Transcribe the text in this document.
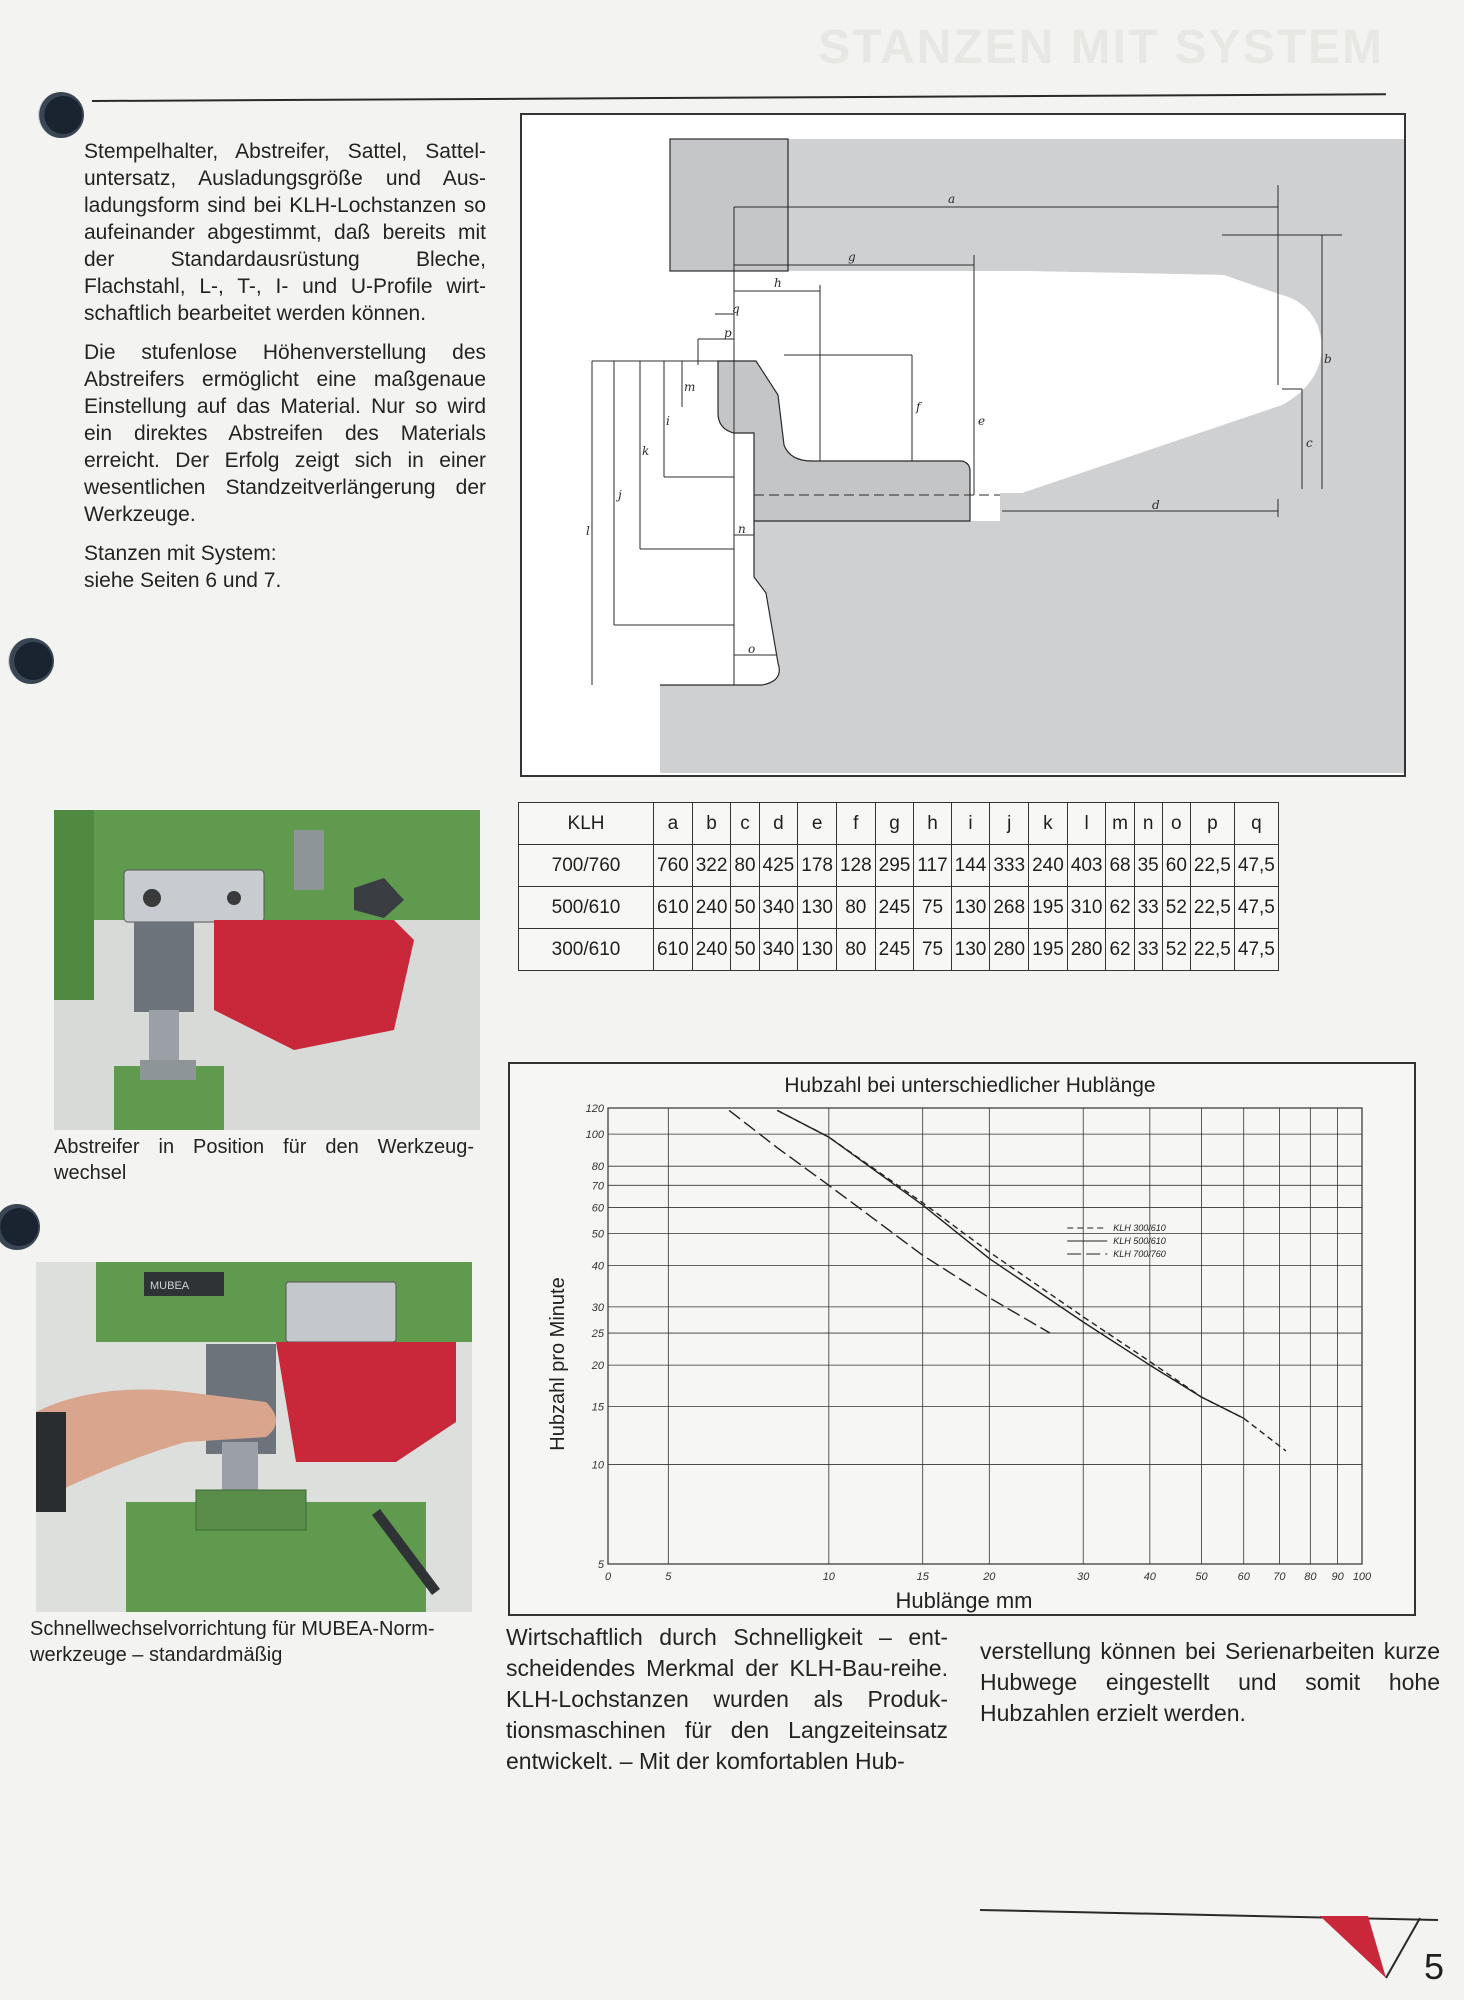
STANZEN MIT SYSTEM

Stempelhalter, Abstreifer, Sattel, Sattel-untersatz, Ausladungsgröße und Aus-ladungsform sind bei KLH-Lochstanzen so aufeinander abgestimmt, daß bereits mit der Standardausrüstung Bleche, Flachstahl, L-, T-, I- und U-Profile wirt-schaftlich bearbeitet werden können.

Die stufenlose Höhenverstellung des Abstreifers ermöglicht eine maßgenaue Einstellung auf das Material. Nur so wird ein direktes Abstreifen des Materials erreicht. Der Erfolg zeigt sich in einer wesentlichen Standzeitverlängerung der Werkzeuge.

Stanzen mit System:
siehe Seiten 6 und 7.

a
b
c
d
e
f
g
h
i
j
k
l
m
n
o
p
q
Abstreifer in Position für den Werkzeug-wechsel
MUBEA
Schnellwechselvorrichtung für MUBEA-Norm-werkzeuge – standardmäßig
KLH	a	b	c	d	e	f	g	h	i	j	k	l	m	n	o	p	q
700/760	760	322	80	425	178	128	295	117	144	333	240	403	68	35	60	22,5	47,5
500/610	610	240	50	340	130	80	245	75	130	268	195	310	62	33	52	22,5	47,5
300/610	610	240	50	340	130	80	245	75	130	280	195	280	62	33	52	22,5	47,5
Hubzahl bei unterschiedlicher Hublänge
Hublänge mm
Hubzahl pro Minute
0	5	10	15	20	30	40	50	60 70 80 90 100
5
10
15
20
25
30
40
50
60
70
80
100
120
KLH 300/610
KLH 500/610
KLH 700/760
Wirtschaftlich durch Schnelligkeit – ent-scheidendes Merkmal der KLH-Bau-reihe. KLH-Lochstanzen wurden als Produk-tionsmaschinen für den Langzeiteinsatz entwickelt. – Mit der komfortablen Hub-
verstellung können bei Serienarbeiten kurze Hubwege eingestellt und somit hohe Hubzahlen erzielt werden.
5
